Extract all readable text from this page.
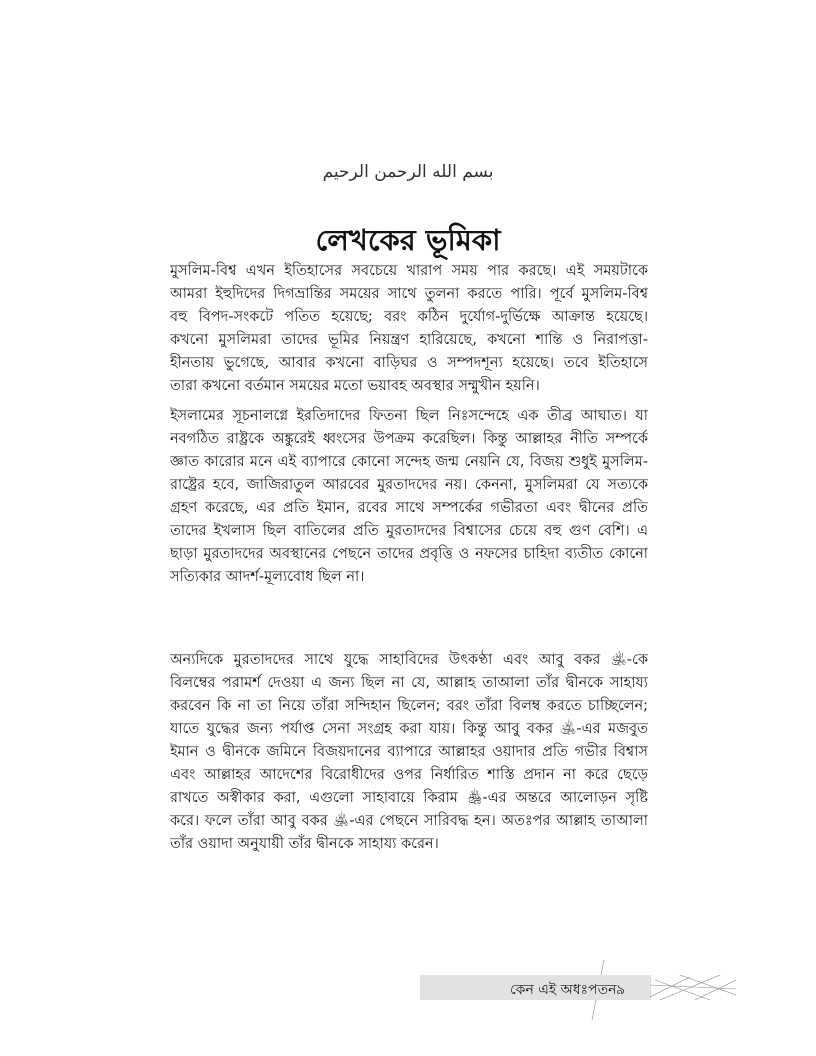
بسم الله الرحمن الرحيم
লেখকের ভূমিকা
মুসলিম-বিশ্ব এখন ইতিহাসের সবচেয়ে খারাপ সময় পার করছে। এই সময়টাকে
আমরা ইহুদিদের দিগভ্রান্তির সময়ের সাথে তুলনা করতে পারি। পূর্বে মুসলিম-বিশ্ব
বহু বিপদ-সংকটে পতিত হয়েছে; বরং কঠিন দুর্যোগ-দুর্ভিক্ষে আক্রান্ত হয়েছে।
কখনো মুসলিমরা তাদের ভূমির নিয়ন্ত্রণ হারিয়েছে, কখনো শান্তি ও নিরাপত্তা-
হীনতায় ভুগেছে, আবার কখনো বাড়িঘর ও সম্পদশূন্য হয়েছে। তবে ইতিহাসে
তারা কখনো বর্তমান সময়ের মতো ভয়াবহ অবস্থার সম্মুখীন হয়নি।
ইসলামের সূচনালগ্নে ইরতিদাদের ফিতনা ছিল নিঃসন্দেহে এক তীব্র আঘাত। যা
নবগঠিত রাষ্ট্রকে অঙ্কুরেই ধ্বংসের উপক্রম করেছিল। কিন্তু আল্লাহর নীতি সম্পর্কে
জ্ঞাত কারোর মনে এই ব্যাপারে কোনো সন্দেহ জন্ম নেয়নি যে, বিজয় শুধুই মুসলিম-
রাষ্ট্রের হবে, জাজিরাতুল আরবের মুরতাদদের নয়। কেননা, মুসলিমরা যে সত্যকে
গ্রহণ করেছে, এর প্রতি ইমান, রবের সাথে সম্পর্কের গভীরতা এবং দ্বীনের প্রতি
তাদের ইখলাস ছিল বাতিলের প্রতি মুরতাদদের বিশ্বাসের চেয়ে বহু গুণ বেশি। এ
ছাড়া মুরতাদদের অবস্থানের পেছনে তাদের প্রবৃত্তি ও নফসের চাহিদা ব্যতীত কোনো
সত্যিকার আদর্শ-মূল্যবোধ ছিল না।
অন্যদিকে মুরতাদদের সাথে যুদ্ধে সাহাবিদের উৎকণ্ঠা এবং আবু বকর ﵁-কে
বিলম্বের পরামর্শ দেওয়া এ জন্য ছিল না যে, আল্লাহ তাআলা তাঁর দ্বীনকে সাহায্য
করবেন কি না তা নিয়ে তাঁরা সন্দিহান ছিলেন; বরং তাঁরা বিলম্ব করতে চাচ্ছিলেন;
যাতে যুদ্ধের জন্য পর্যাপ্ত সেনা সংগ্রহ করা যায়। কিন্তু আবু বকর ﵁-এর মজবুত
ইমান ও দ্বীনকে জমিনে বিজয়দানের ব্যাপারে আল্লাহর ওয়াদার প্রতি গভীর বিশ্বাস
এবং আল্লাহর আদেশের বিরোধীদের ওপর নির্ধারিত শাস্তি প্রদান না করে ছেড়ে
রাখতে অস্বীকার করা, এগুলো সাহাবায়ে কিরাম ﵃-এর অন্তরে আলোড়ন সৃষ্টি
করে। ফলে তাঁরা আবু বকর ﵁-এর পেছনে সারিবদ্ধ হন। অতঃপর আল্লাহ তাআলা
তাঁর ওয়াদা অনুযায়ী তাঁর দ্বীনকে সাহায্য করেন।
কেন এই অধঃপতন ৯
